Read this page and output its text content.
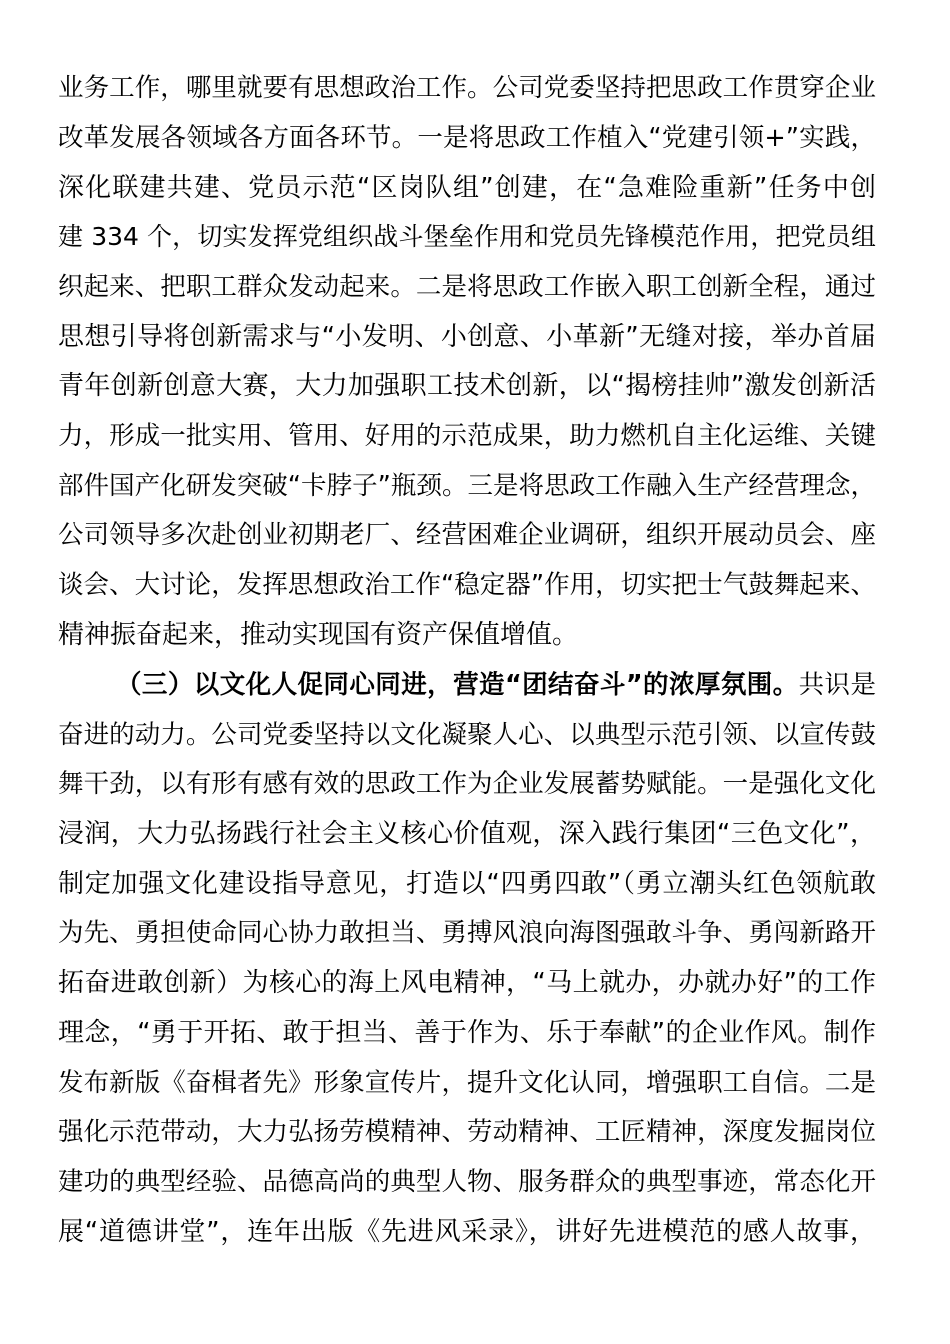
业务工作，哪里就要有思想政治工作。公司党委坚持把思政工作贯穿企业
改革发展各领域各方面各环节。一是将思政工作植入“党建引领+”实践，
深化联建共建、党员示范“区岗队组”创建，在“急难险重新”任务中创
建 334 个，切实发挥党组织战斗堡垒作用和党员先锋模范作用，把党员组
织起来、把职工群众发动起来。二是将思政工作嵌入职工创新全程，通过
思想引导将创新需求与“小发明、小创意、小革新”无缝对接，举办首届
青年创新创意大赛，大力加强职工技术创新，以“揭榜挂帅”激发创新活
力，形成一批实用、管用、好用的示范成果，助力燃机自主化运维、关键
部件国产化研发突破“卡脖子”瓶颈。三是将思政工作融入生产经营理念，
公司领导多次赴创业初期老厂、经营困难企业调研，组织开展动员会、座
谈会、大讨论，发挥思想政治工作“稳定器”作用，切实把士气鼓舞起来、
精神振奋起来，推动实现国有资产保值增值。
（三）以文化人促同心同进，营造“团结奋斗”的浓厚氛围。共识是
奋进的动力。公司党委坚持以文化凝聚人心、以典型示范引领、以宣传鼓
舞干劲，以有形有感有效的思政工作为企业发展蓄势赋能。一是强化文化
浸润，大力弘扬践行社会主义核心价值观，深入践行集团“三色文化”，
制定加强文化建设指导意见，打造以“四勇四敢”（勇立潮头红色领航敢
为先、勇担使命同心协力敢担当、勇搏风浪向海图强敢斗争、勇闯新路开
拓奋进敢创新）为核心的海上风电精神，“马上就办，办就办好”的工作
理念，“勇于开拓、敢于担当、善于作为、乐于奉献”的企业作风。制作
发布新版《奋楫者先》形象宣传片，提升文化认同，增强职工自信。二是
强化示范带动，大力弘扬劳模精神、劳动精神、工匠精神，深度发掘岗位
建功的典型经验、品德高尚的典型人物、服务群众的典型事迹，常态化开
展“道德讲堂”，连年出版《先进风采录》，讲好先进模范的感人故事，
